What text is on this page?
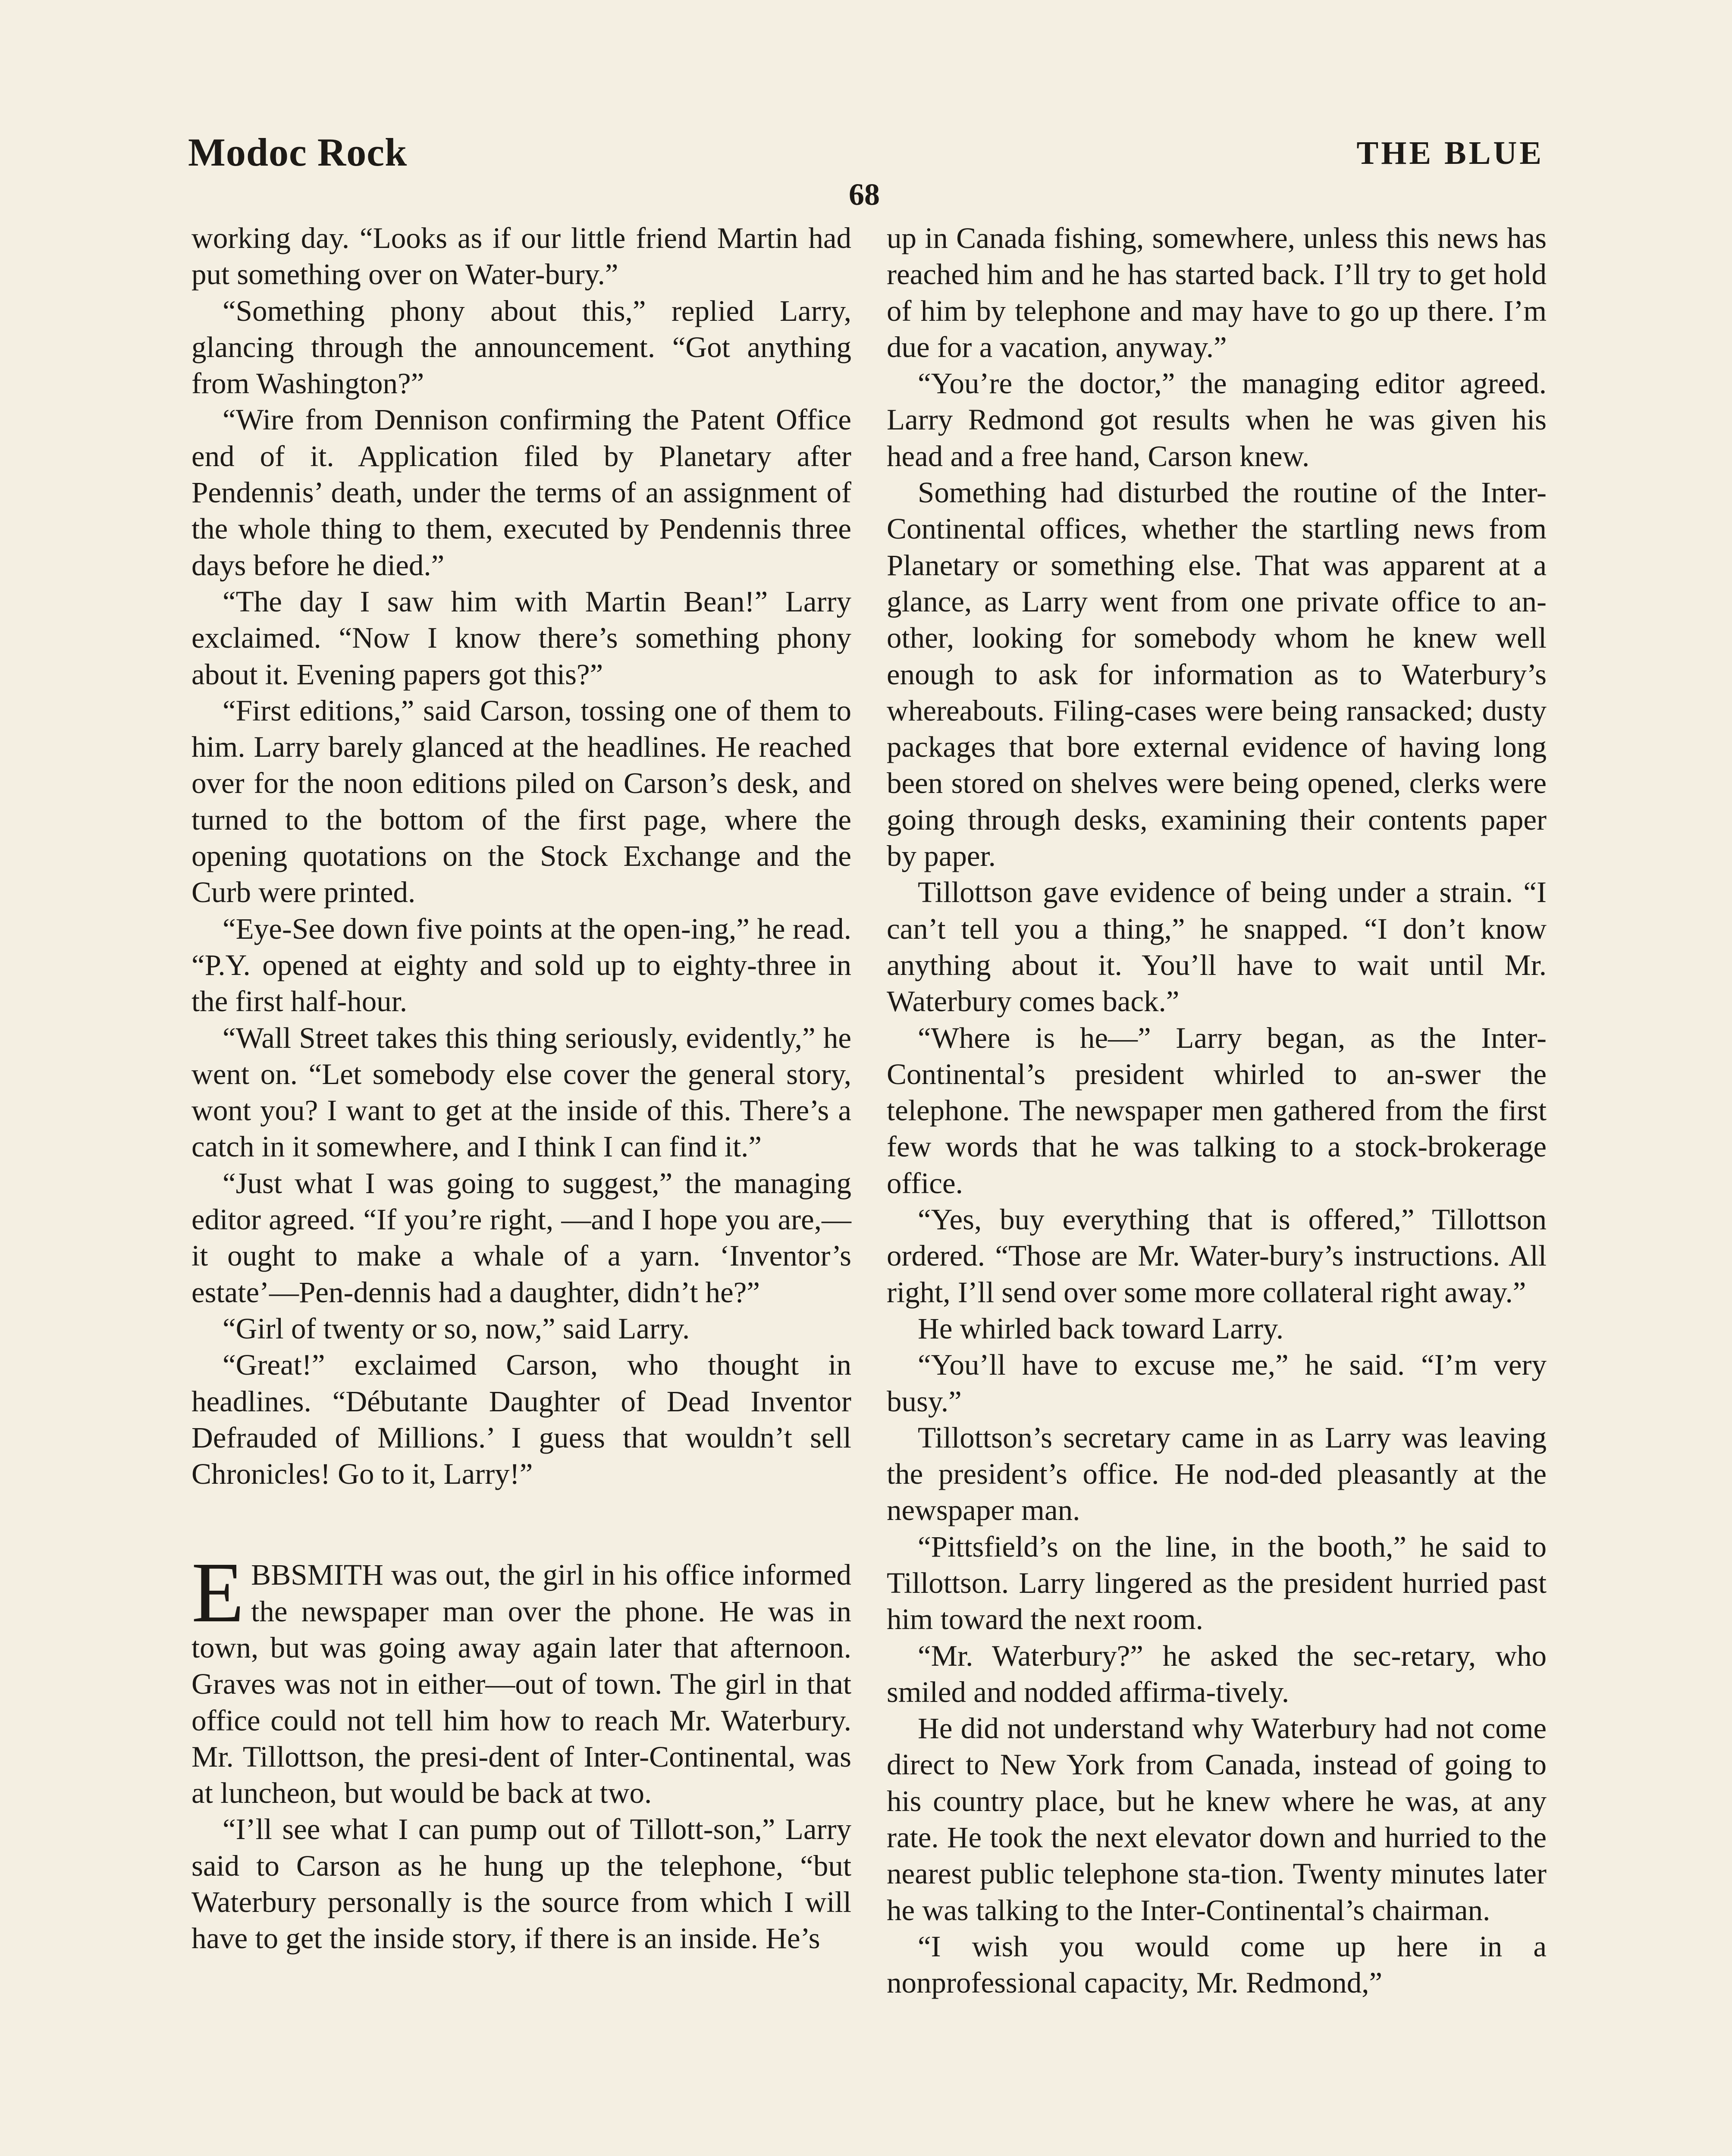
Modoc Rock	THE BLUE
68

working day. “Looks as if our little friend Martin had put something over on Water-bury.”

“Something phony about this,” replied Larry, glancing through the announcement. “Got anything from Washington?”

“Wire from Dennison confirming the Patent Office end of it. Application filed by Planetary after Pendennis’ death, under the terms of an assignment of the whole thing to them, executed by Pendennis three days before he died.”

“The day I saw him with Martin Bean!” Larry exclaimed. “Now I know there’s something phony about it. Evening papers got this?”

“First editions,” said Carson, tossing one of them to him. Larry barely glanced at the headlines. He reached over for the noon editions piled on Carson’s desk, and turned to the bottom of the first page, where the opening quotations on the Stock Exchange and the Curb were printed.

“Eye-See down five points at the open-ing,” he read. “P.Y. opened at eighty and sold up to eighty-three in the first half-hour.

“Wall Street takes this thing seriously, evidently,” he went on. “Let somebody else cover the general story, wont you? I want to get at the inside of this. There’s a catch in it somewhere, and I think I can find it.”

“Just what I was going to suggest,” the managing editor agreed. “If you’re right, —and I hope you are,—it ought to make a whale of a yarn. ‘Inventor’s estate’—Pen-dennis had a daughter, didn’t he?”

“Girl of twenty or so, now,” said Larry.

“Great!” exclaimed Carson, who thought in headlines. “Débutante Daughter of Dead Inventor Defrauded of Millions.’ I guess that wouldn’t sell Chronicles! Go to it, Larry!”

EBBSMITH was out, the girl in his office informed the newspaper man over the phone. He was in town, but was going away again later that afternoon. Graves was not in either—out of town. The girl in that office could not tell him how to reach Mr. Waterbury. Mr. Tillottson, the presi-dent of Inter-Continental, was at luncheon, but would be back at two.

“I’ll see what I can pump out of Tillott-son,” Larry said to Carson as he hung up the telephone, “but Waterbury personally is the source from which I will have to get the inside story, if there is an inside. He’s

up in Canada fishing, somewhere, unless this news has reached him and he has started back. I’ll try to get hold of him by telephone and may have to go up there. I’m due for a vacation, anyway.”

“You’re the doctor,” the managing editor agreed. Larry Redmond got results when he was given his head and a free hand, Carson knew.

Something had disturbed the routine of the Inter-Continental offices, whether the startling news from Planetary or something else. That was apparent at a glance, as Larry went from one private office to an-other, looking for somebody whom he knew well enough to ask for information as to Waterbury’s whereabouts. Filing-cases were being ransacked; dusty packages that bore external evidence of having long been stored on shelves were being opened, clerks were going through desks, examining their contents paper by paper.

Tillottson gave evidence of being under a strain. “I can’t tell you a thing,” he snapped. “I don’t know anything about it. You’ll have to wait until Mr. Waterbury comes back.”

“Where is he—” Larry began, as the Inter-Continental’s president whirled to an-swer the telephone. The newspaper men gathered from the first few words that he was talking to a stock-brokerage office.

“Yes, buy everything that is offered,” Tillottson ordered. “Those are Mr. Water-bury’s instructions. All right, I’ll send over some more collateral right away.”

He whirled back toward Larry.

“You’ll have to excuse me,” he said. “I’m very busy.”

Tillottson’s secretary came in as Larry was leaving the president’s office. He nod-ded pleasantly at the newspaper man.

“Pittsfield’s on the line, in the booth,” he said to Tillottson. Larry lingered as the president hurried past him toward the next room.

“Mr. Waterbury?” he asked the sec-retary, who smiled and nodded affirma-tively.

He did not understand why Waterbury had not come direct to New York from Canada, instead of going to his country place, but he knew where he was, at any rate. He took the next elevator down and hurried to the nearest public telephone sta-tion. Twenty minutes later he was talking to the Inter-Continental’s chairman.

“I wish you would come up here in a nonprofessional capacity, Mr. Redmond,”
